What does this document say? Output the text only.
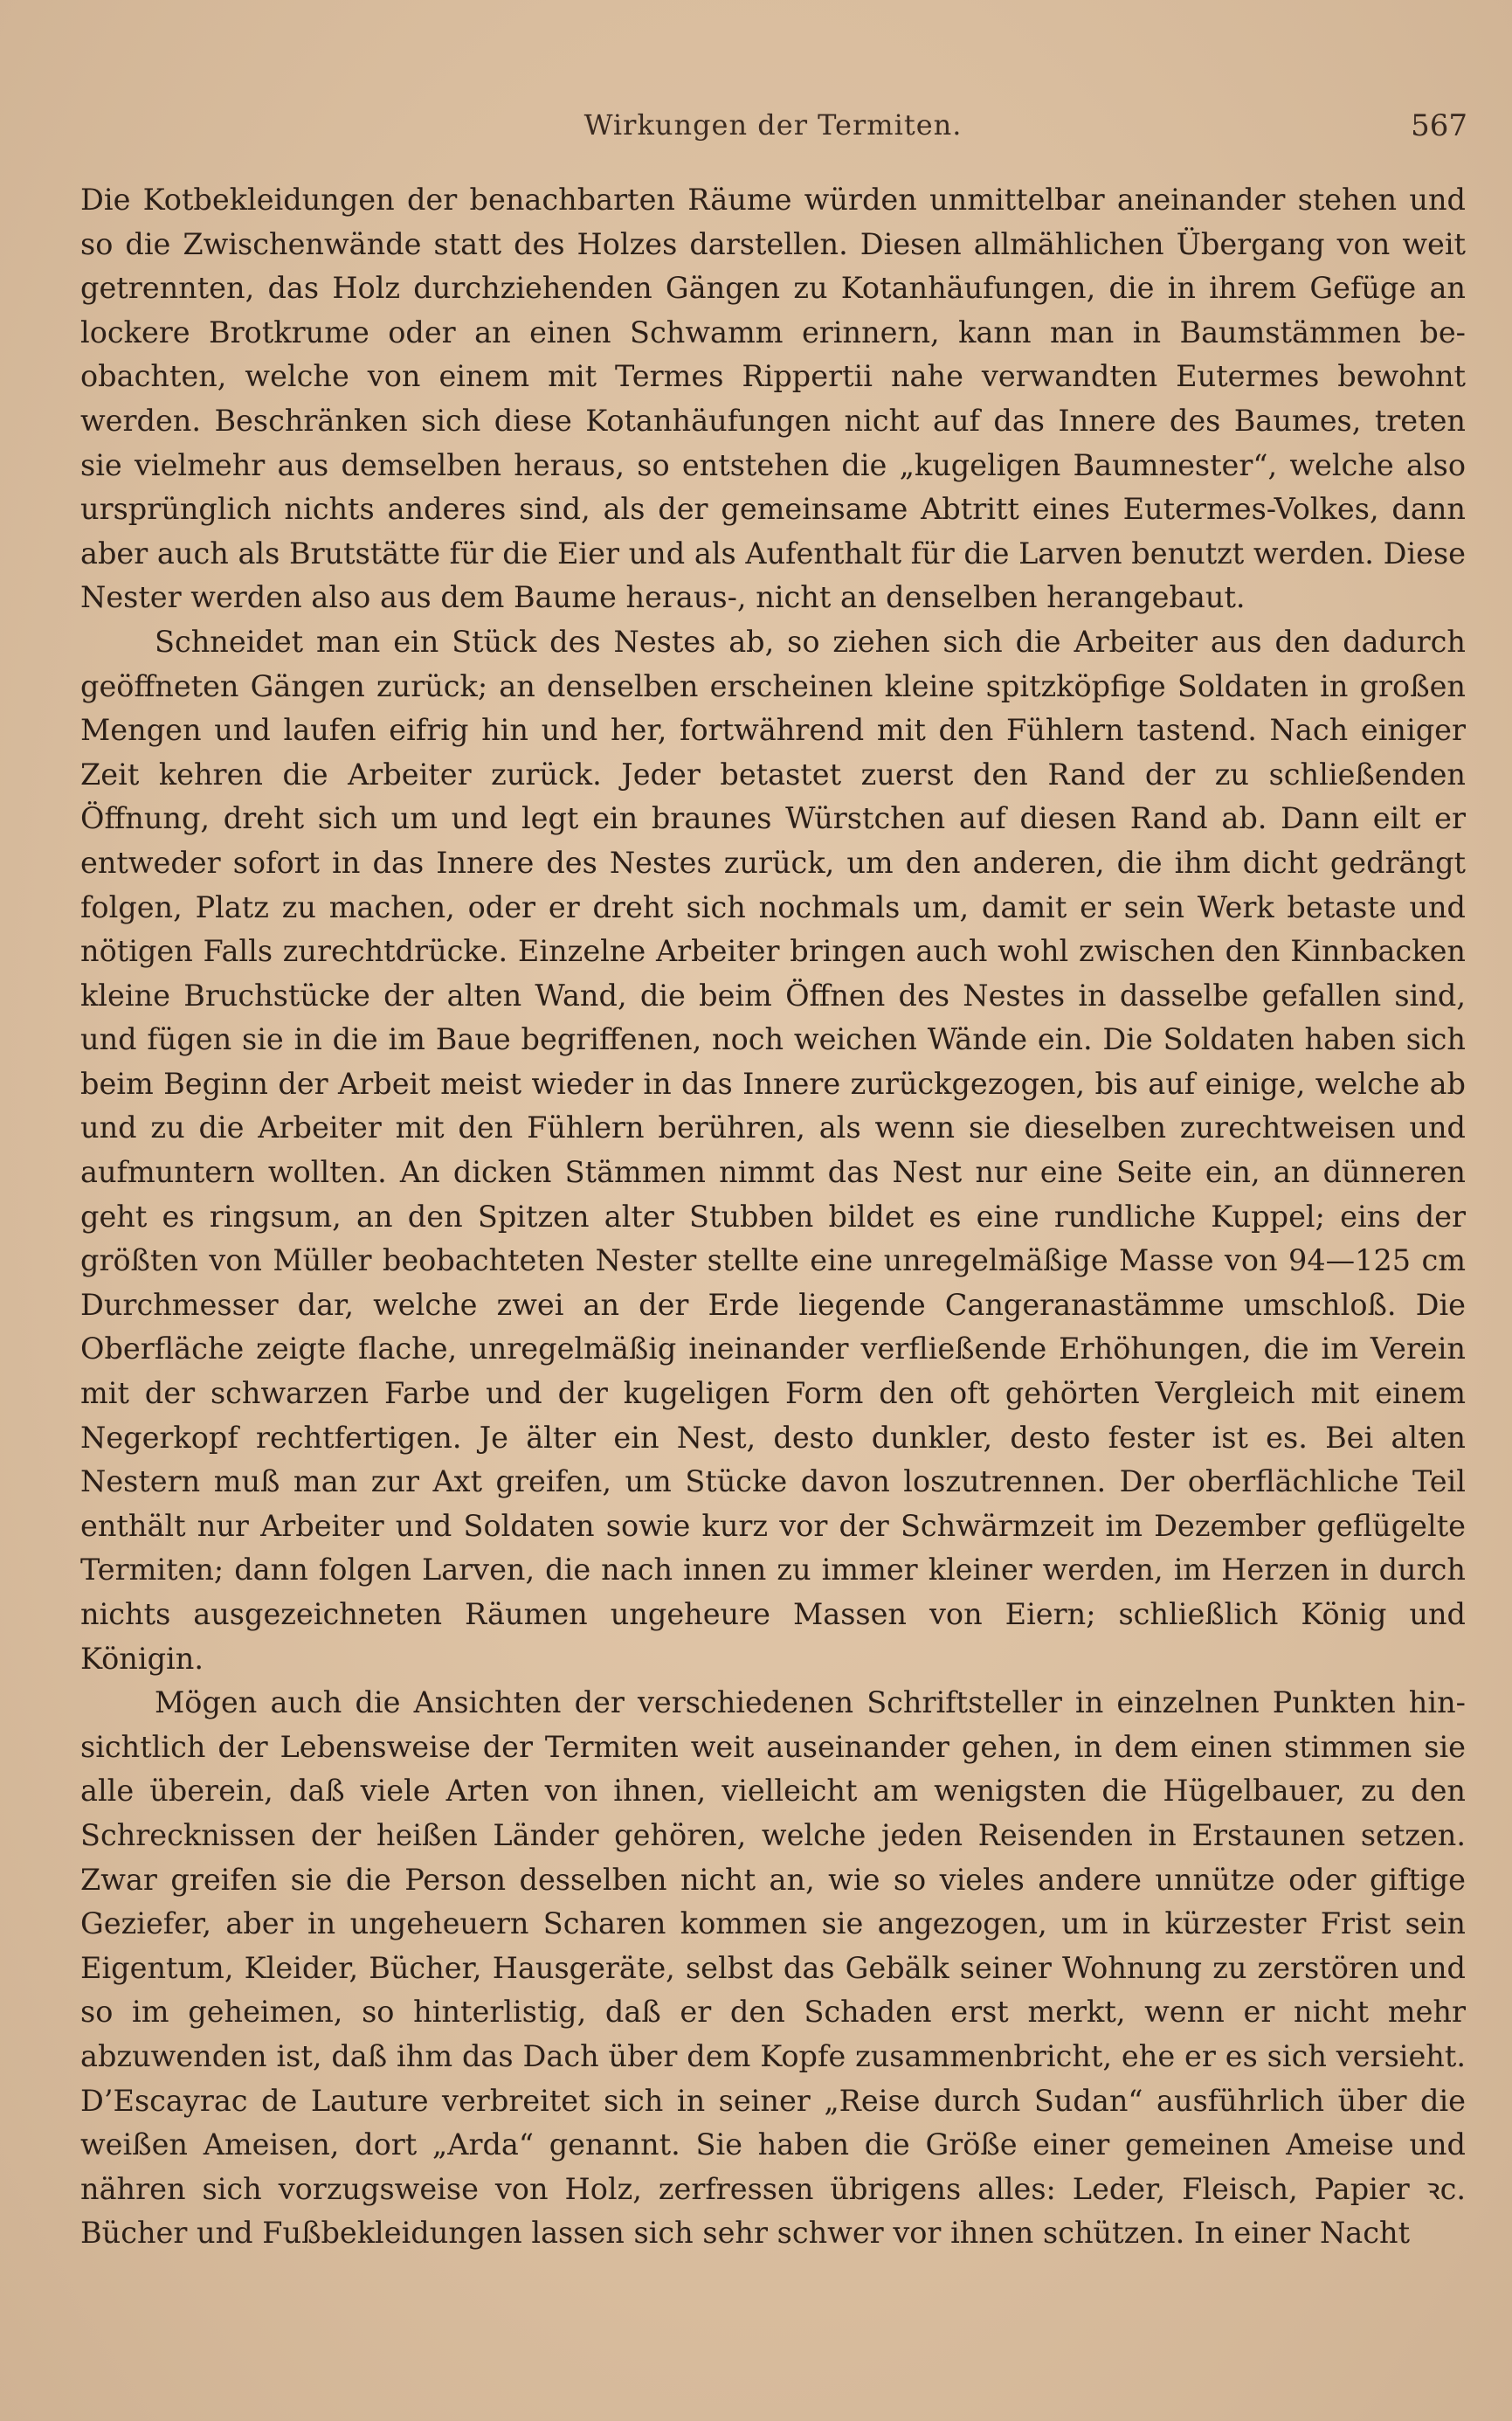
Wirkungen der Termiten.	567

Die Kotbekleidungen der benachbarten Räume würden unmittelbar aneinander stehen und so die Zwischenwände statt des Holzes darstellen. Diesen allmählichen Übergang von weit getrennten, das Holz durchziehenden Gängen zu Kotanhäufungen, die in ihrem Gefüge an lockere Brotkrume oder an einen Schwamm erinnern, kann man in Baumstämmen beobachten, welche von einem mit Termes Rippertii nahe verwandten Eutermes bewohnt werden. Beschränken sich diese Kotanhäufungen nicht auf das Innere des Baumes, treten sie vielmehr aus demselben heraus, so entstehen die „kugeligen Baumnester“, welche also ursprünglich nichts anderes sind, als der gemeinsame Abtritt eines Eutermes-Volkes, dann aber auch als Brutstätte für die Eier und als Aufenthalt für die Larven benutzt werden. Diese Nester werden also aus dem Baume heraus-, nicht an denselben herangebaut.

Schneidet man ein Stück des Nestes ab, so ziehen sich die Arbeiter aus den dadurch geöffneten Gängen zurück; an denselben erscheinen kleine spitzköpfige Soldaten in großen Mengen und laufen eifrig hin und her, fortwährend mit den Fühlern tastend. Nach einiger Zeit kehren die Arbeiter zurück. Jeder betastet zuerst den Rand der zu schließenden Öffnung, dreht sich um und legt ein braunes Würstchen auf diesen Rand ab. Dann eilt er entweder sofort in das Innere des Nestes zurück, um den anderen, die ihm dicht gedrängt folgen, Platz zu machen, oder er dreht sich nochmals um, damit er sein Werk betaste und nötigen Falls zurechtdrücke. Einzelne Arbeiter bringen auch wohl zwischen den Kinnbacken kleine Bruchstücke der alten Wand, die beim Öffnen des Nestes in dasselbe gefallen sind, und fügen sie in die im Baue begriffenen, noch weichen Wände ein. Die Soldaten haben sich beim Beginn der Arbeit meist wieder in das Innere zurückgezogen, bis auf einige, welche ab und zu die Arbeiter mit den Fühlern berühren, als wenn sie dieselben zurechtweisen und aufmuntern wollten. An dicken Stämmen nimmt das Nest nur eine Seite ein, an dünneren geht es ringsum, an den Spitzen alter Stubben bildet es eine rundliche Kuppel; eins der größten von Müller beobachteten Nester stellte eine unregelmäßige Masse von 94—125 cm Durchmesser dar, welche zwei an der Erde liegende Cangeranastämme umschloß. Die Oberfläche zeigte flache, unregelmäßig ineinander verfließende Erhöhungen, die im Verein mit der schwarzen Farbe und der kugeligen Form den oft gehörten Vergleich mit einem Negerkopf rechtfertigen. Je älter ein Nest, desto dunkler, desto fester ist es. Bei alten Nestern muß man zur Axt greifen, um Stücke davon loszutrennen. Der oberflächliche Teil enthält nur Arbeiter und Soldaten sowie kurz vor der Schwärmzeit im Dezember geflügelte Termiten; dann folgen Larven, die nach innen zu immer kleiner werden, im Herzen in durch nichts ausgezeichneten Räumen ungeheure Massen von Eiern; schließlich König und Königin.

Mögen auch die Ansichten der verschiedenen Schriftsteller in einzelnen Punkten hinsichtlich der Lebensweise der Termiten weit auseinander gehen, in dem einen stimmen sie alle überein, daß viele Arten von ihnen, vielleicht am wenigsten die Hügelbauer, zu den Schrecknissen der heißen Länder gehören, welche jeden Reisenden in Erstaunen setzen. Zwar greifen sie die Person desselben nicht an, wie so vieles andere unnütze oder giftige Geziefer, aber in ungeheuern Scharen kommen sie angezogen, um in kürzester Frist sein Eigentum, Kleider, Bücher, Hausgeräte, selbst das Gebälk seiner Wohnung zu zerstören und so im geheimen, so hinterlistig, daß er den Schaden erst merkt, wenn er nicht mehr abzuwenden ist, daß ihm das Dach über dem Kopfe zusammenbricht, ehe er es sich versieht. D’Escayrac de Lauture verbreitet sich in seiner „Reise durch Sudan“ ausführlich über die weißen Ameisen, dort „Arda“ genannt. Sie haben die Größe einer gemeinen Ameise und nähren sich vorzugsweise von Holz, zerfressen übrigens alles: Leder, Fleisch, Papier ꝛc. Bücher und Fußbekleidungen lassen sich sehr schwer vor ihnen schützen. In einer Nacht
